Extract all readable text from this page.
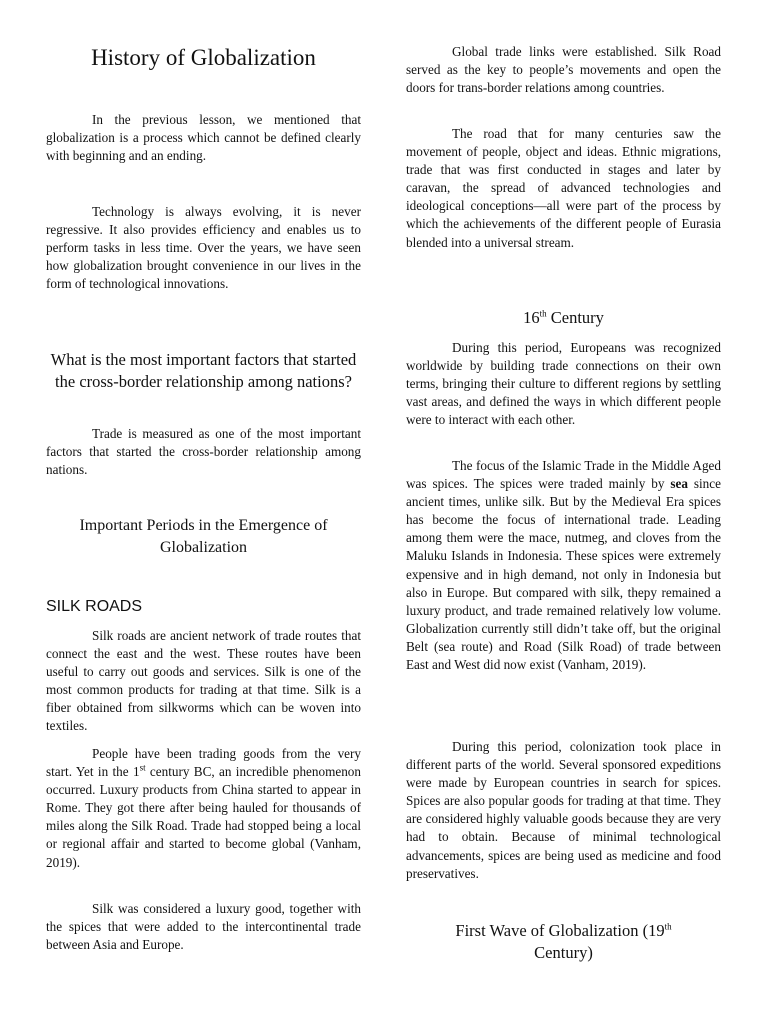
History of Globalization

In the previous lesson, we mentioned that globalization is a process which cannot be defined clearly with beginning and an ending.

Technology is always evolving, it is never regressive. It also provides efficiency and enables us to perform tasks in less time. Over the years, we have seen how globalization brought convenience in our lives in the form of technological innovations.

What is the most important factors that started the cross-border relationship among nations?

Trade is measured as one of the most important factors that started the cross-border relationship among nations.

Important Periods in the Emergence of Globalization
SILK ROADS

Silk roads are ancient network of trade routes that connect the east and the west. These routes have been useful to carry out goods and services. Silk is one of the most common products for trading at that time. Silk is a fiber obtained from silkworms which can be woven into textiles.

People have been trading goods from the very start. Yet in the 1st century BC, an incredible phenomenon occurred. Luxury products from China started to appear in Rome. They got there after being hauled for thousands of miles along the Silk Road. Trade had stopped being a local or regional affair and started to become global (Vanham, 2019).

Silk was considered a luxury good, together with the spices that were added to the intercontinental trade between Asia and Europe.

Global trade links were established. Silk Road served as the key to people’s movements and open the doors for trans-border relations among countries.

The road that for many centuries saw the movement of people, object and ideas. Ethnic migrations, trade that was first conducted in stages and later by caravan, the spread of advanced technologies and ideological conceptions—all were part of the process by which the achievements of the different people of Eurasia blended into a universal stream.

16th Century

During this period, Europeans was recognized worldwide by building trade connections on their own terms, bringing their culture to different regions by settling vast areas, and defined the ways in which different people were to interact with each other.

The focus of the Islamic Trade in the Middle Aged was spices. The spices were traded mainly by sea since ancient times, unlike silk. But by the Medieval Era spices has become the focus of international trade. Leading among them were the mace, nutmeg, and cloves from the Maluku Islands in Indonesia. These spices were extremely expensive and in high demand, not only in Indonesia but also in Europe. But compared with silk, thepy remained a luxury product, and trade remained relatively low volume. Globalization currently still didn’t take off, but the original Belt (sea route) and Road (Silk Road) of trade between East and West did now exist (Vanham, 2019).

During this period, colonization took place in different parts of the world. Several sponsored expeditions were made by European countries in search for spices. Spices are also popular goods for trading at that time. They are considered highly valuable goods because they are very had to obtain. Because of minimal technological advancements, spices are being used as medicine and food preservatives.

First Wave of Globalization (19th
Century)
